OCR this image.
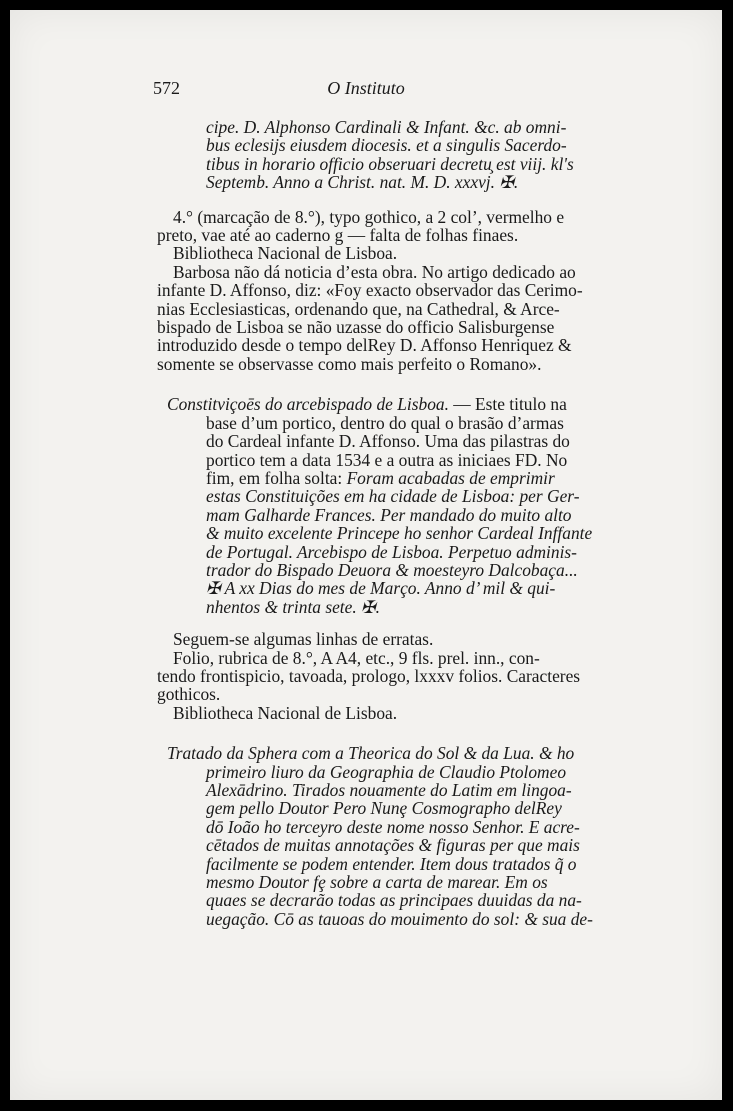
572	O Instituto
cipe. D. Alphonso Cardinali & Infant. &c. ab omni-
bus eclesijs eiusdem diocesis. et a singulis Sacerdo-
tibus in horario officio obseruari decretu̧ est viij. kl's
Septemb. Anno a Christ. nat. M. D. xxxvj. ✠.
4.° (marcação de 8.°), typo gothico, a 2 colʼ, vermelho e
preto, vae até ao caderno g — falta de folhas finaes.
Bibliotheca Nacional de Lisboa.
Barbosa não dá noticia d’esta obra. No artigo dedicado ao
infante D. Affonso, diz: «Foy exacto observador das Cerimo-
nias Ecclesiasticas, ordenando que, na Cathedral, & Arce-
bispado de Lisboa se não uzasse do officio Salisburgense
introduzido desde o tempo delRey D. Affonso Henriquez &
somente se observasse como mais perfeito o Romano».
Constitviçoēs do arcebispado de Lisboa. — Este titulo na
base d’um portico, dentro do qual o brasão d’armas
do Cardeal infante D. Affonso. Uma das pilastras do
portico tem a data 1534 e a outra as iniciaes FD. No
fim, em folha solta: Foram acabadas de emprimir
estas Constituições em ha cidade de Lisboa: per Ger-
mam Galharde Frances. Per mandado do muito alto
& muito excelente Princepe ho senhor Cardeal Inffante
de Portugal. Arcebispo de Lisboa. Perpetuo adminis-
trador do Bispado Deuora & moesteyro Dalcobaça...
✠ A xx Dias do mes de Março. Anno d’ mil & qui-
nhentos & trinta sete. ✠.
Seguem-se algumas linhas de erratas.
Folio, rubrica de 8.°, A A4, etc., 9 fls. prel. inn., con-
tendo frontispicio, tavoada, prologo, lxxxv folios. Caracteres
gothicos.
Bibliotheca Nacional de Lisboa.
Tratado da Sphera com a Theorica do Sol & da Lua. & ho
primeiro liuro da Geographia de Claudio Ptolomeo
Alexādrino. Tirados nouamente do Latim em lingoa-
gem pello Doutor Pero Nunȩ Cosmographo delRey
dō Ioão ho terceyro deste nome nosso Senhor. E acre-
cētados de muitas annotações & figuras per que mais
facilmente se podem entender. Item dous tratados q̃ o
mesmo Doutor fȩ sobre a carta de marear. Em os
quaes se decrarão todas as principaes duuidas da na-
uegação. Cō as tauoas do mouimento do sol: & sua de-
